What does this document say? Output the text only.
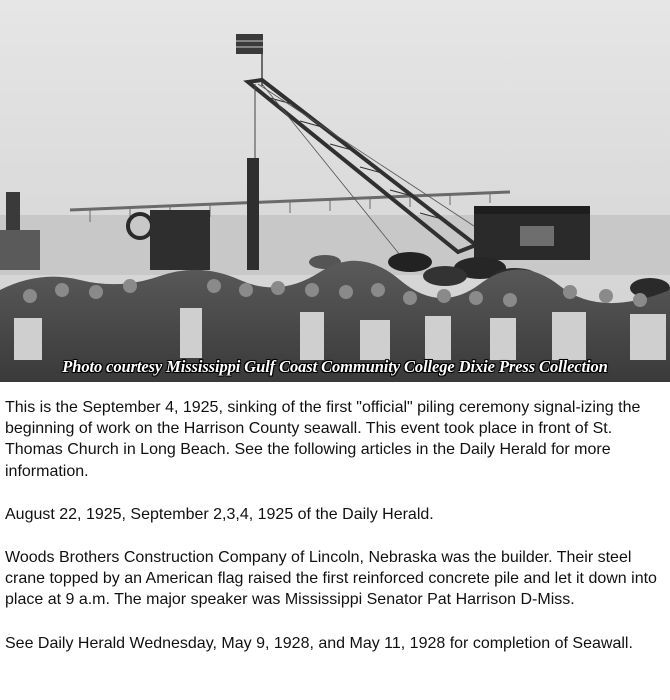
Photo courtesy Mississippi Gulf Coast Community College Dixie Press Collection

This is the September 4, 1925, sinking of the first "official" piling ceremony signal-izing the beginning of work on the Harrison County seawall. This event took place in front of St. Thomas Church in Long Beach. See the following articles in the Daily Herald for more information.

August 22, 1925, September 2,3,4, 1925 of the Daily Herald.

Woods Brothers Construction Company of Lincoln, Nebraska was the builder. Their steel crane topped by an American flag raised the first reinforced concrete pile and let it down into place at 9 a.m. The major speaker was Mississippi Senator Pat Harrison D-Miss.

See Daily Herald Wednesday, May 9, 1928, and May 11, 1928 for completion of Seawall.
